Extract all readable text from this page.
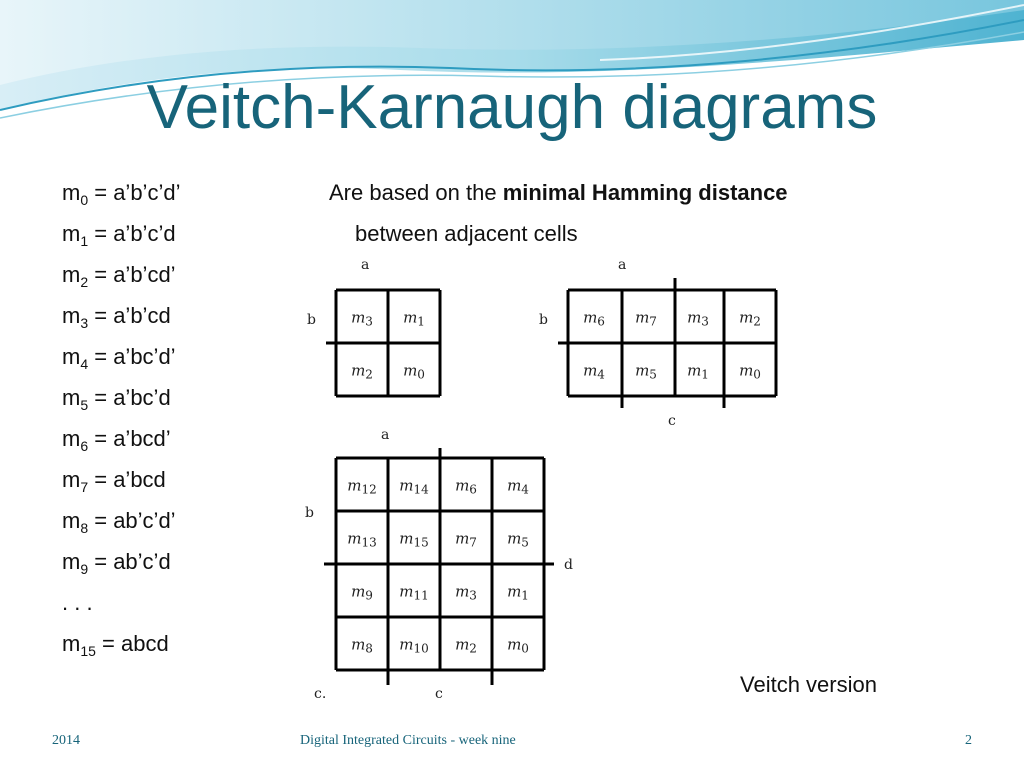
Veitch-Karnaugh diagrams
$m_0$ = a’b’c’d’
$m_1$ = a’b’c’d
$m_2$ = a’b’cd’
$m_3$ = a’b’cd
$m_4$ = a’bc’d’
$m_5$ = a’bc’d
$m_6$ = a’bcd’
$m_7$ = a’bcd
$m_8$ = ab’c’d’
$m_9$ = ab’c’d
. . .
$m_{15}$ = abcd
Are based on the minimal Hamming distance
between adjacent cells
a
b m3 m1
m2 m0
a
b
c
m6 m7 m3 m2
m4 m5 m1 m0
a
b
d
c.	c
m12 m14 m6 m4
m13 m15 m7 m5
m9 m11 m3 m1
m8 m10 m2 m0
Veitch version
2014	Digital Integrated Circuits - week nine	2
